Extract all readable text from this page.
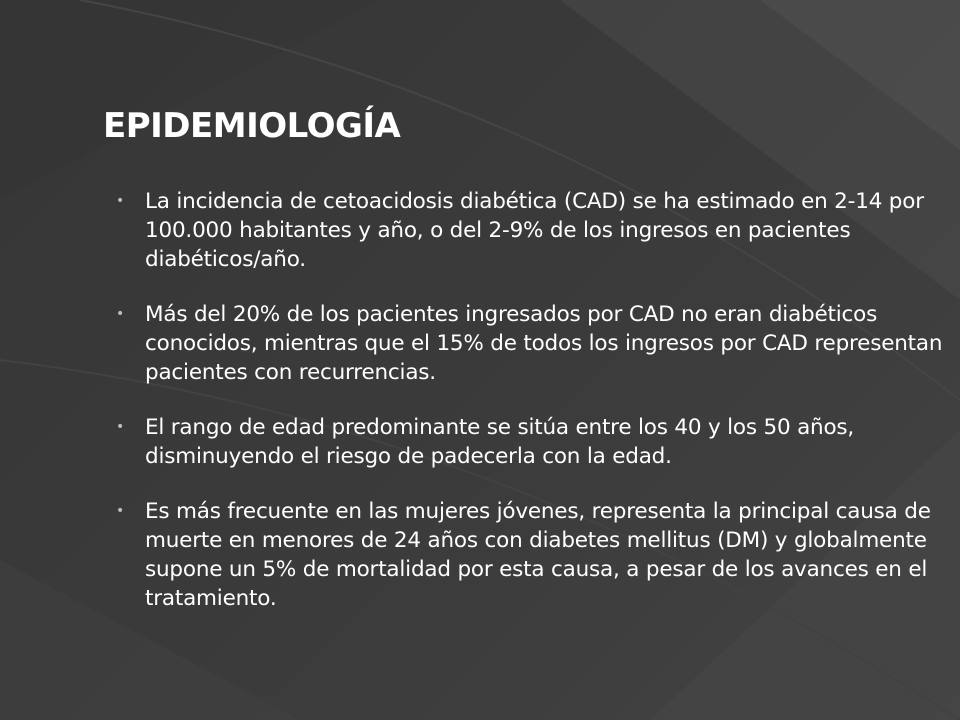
EPIDEMIOLOGÍA
• La incidencia de cetoacidosis diabética (CAD) se ha estimado en 2-14 por 100.000 habitantes y año, o del 2-9% de los ingresos en pacientes diabéticos/año.
• Más del 20% de los pacientes ingresados por CAD no eran diabéticos conocidos, mientras que el 15% de todos los ingresos por CAD representan pacientes con recurrencias.
• El rango de edad predominante se sitúa entre los 40 y los 50 años, disminuyendo el riesgo de padecerla con la edad.
• Es más frecuente en las mujeres jóvenes, representa la principal causa de muerte en menores de 24 años con diabetes mellitus (DM) y globalmente supone un 5% de mortalidad por esta causa, a pesar de los avances en el tratamiento.
